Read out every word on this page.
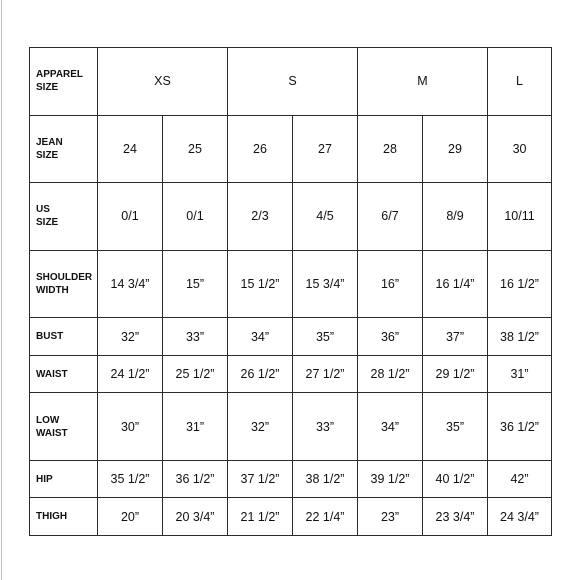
APPAREL
SIZE	XS		S		M		L
JEAN
SIZE	24	25	26	27	28	29	30
US
SIZE	0/1	0/1	2/3	4/5	6/7	8/9	10/11
SHOULDER
WIDTH	14 3/4”	15”	15 1/2”	15 3/4”	16”	16 1/4”	16 1/2”
BUST	32”	33”	34”	35”	36”	37”	38 1/2”
WAIST	24 1/2”	25 1/2”	26 1/2”	27 1/2”	28 1/2”	29 1/2”	31”
LOW
WAIST	30”	31”	32”	33”	34”	35”	36 1/2”
HIP	35 1/2”	36 1/2”	37 1/2”	38 1/2”	39 1/2”	40 1/2”	42”
THIGH	20”	20 3/4”	21 1/2”	22 1/4”	23”	23 3/4”	24 3/4”
